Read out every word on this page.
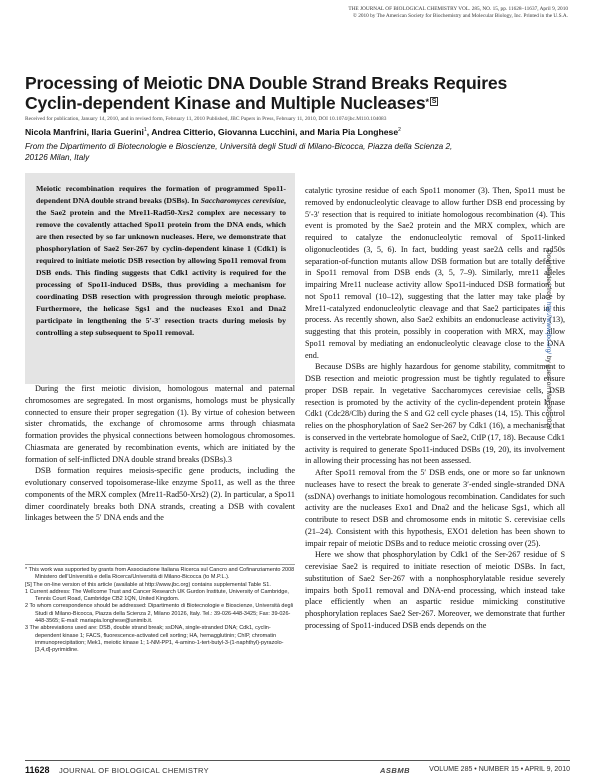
THE JOURNAL OF BIOLOGICAL CHEMISTRY VOL. 285, NO. 15, pp. 11628–11637, April 9, 2010
© 2010 by The American Society for Biochemistry and Molecular Biology, Inc. Printed in the U.S.A.
Processing of Meiotic DNA Double Strand Breaks Requires Cyclin-dependent Kinase and Multiple Nucleases* $^S$
Received for publication, January 14, 2010, and in revised form, February 11, 2010 Published, JBC Papers in Press, February 11, 2010, DOI 10.1074/jbc.M110.104083
Nicola Manfrini, Ilaria Guerini$^1$, Andrea Citterio, Giovanna Lucchini, and Maria Pia Longhese$^2$
From the Dipartimento di Biotecnologie e Bioscienze, Università degli Studi di Milano-Bicocca, Piazza della Scienza 2, 20126 Milan, Italy
Meiotic recombination requires the formation of programmed Spo11-dependent DNA double strand breaks (DSBs). In Saccharomyces cerevisiae, the Sae2 protein and the Mre11-Rad50-Xrs2 complex are necessary to remove the covalently attached Spo11 protein from the DNA ends, which are then resected by so far unknown nucleases. Here, we demonstrate that phosphorylation of Sae2 Ser-267 by cyclin-dependent kinase 1 (Cdk1) is required to initiate meiotic DSB resection by allowing Spo11 removal from DSB ends. This finding suggests that Cdk1 activity is required for the processing of Spo11-induced DSBs, thus providing a mechanism for coordinating DSB resection with progression through meiotic prophase. Furthermore, the helicase Sgs1 and the nucleases Exo1 and Dna2 participate in lengthening the 5′-3′ resection tracts during meiosis by controlling a step subsequent to Spo11 removal.

During the first meiotic division, homologous maternal and paternal chromosomes are segregated. In most organisms, homologs must be physically connected to ensure their proper segregation (1). By virtue of cohesion between sister chromatids, the exchange of chromosome arms through chiasmata formation provides the physical connections between homologous chromosomes. Chiasmata are generated by recombination events, which are initiated by the formation of self-inflicted DNA double strand breaks (DSBs).3

DSB formation requires meiosis-specific gene products, including the evolutionary conserved topoisomerase-like enzyme Spo11, as well as the three components of the MRX complex (Mre11-Rad50-Xrs2) (2). In particular, a Spo11 dimer coordinately breaks both DNA strands, creating a DSB with covalent linkages between the 5′ DNA ends and the

catalytic tyrosine residue of each Spo11 monomer (3). Then, Spo11 must be removed by endonucleolytic cleavage to allow further DSB end processing by 5′-3′ resection that is required to initiate homologous recombination (4). This event is promoted by the Sae2 protein and the MRX complex, which are required to catalyze the endonucleolytic removal of Spo11-linked oligonucleotides (3, 5, 6). In fact, budding yeast sae2Δ cells and rad50s separation-of-function mutants allow DSB formation but are totally defective in Spo11 removal from DSB ends (3, 5, 7–9). Similarly, mre11 alleles impairing Mre11 nuclease activity allow Spo11-induced DSB formation, but not Spo11 removal (10–12), suggesting that the latter may take place by Mre11-catalyzed endonucleolytic cleavage and that Sae2 participates in this process. As recently shown, also Sae2 exhibits an endonuclease activity (13), suggesting that this protein, possibly in cooperation with MRX, may allow Spo11 removal by mediating an endonucleolytic cleavage close to the DNA end.

Because DSBs are highly hazardous for genome stability, commitment to DSB resection and meiotic progression must be tightly regulated to ensure proper DSB repair. In vegetative Saccharomyces cerevisiae cells, DSB resection is promoted by the activity of the cyclin-dependent protein kinase Cdk1 (Cdc28/Clb) during the S and G2 cell cycle phases (14, 15). This control relies on the phosphorylation of Sae2 Ser-267 by Cdk1 (16), a mechanism that is conserved in the vertebrate homologue of Sae2, CtIP (17, 18). Because Cdk1 activity is required to generate Spo11-induced DSBs (19, 20), its involvement in allowing their processing has not been assessed.

After Spo11 removal from the 5′ DSB ends, one or more so far unknown nucleases have to resect the break to generate 3′-ended single-stranded DNA (ssDNA) overhangs to initiate homologous recombination. Candidates for such activity are the nucleases Exo1 and Dna2 and the helicase Sgs1, which all contribute to resect DSB and chromosome ends in mitotic S. cerevisiae cells (21–24). Consistent with this hypothesis, EXO1 deletion has been shown to impair repair of meiotic DSBs and to reduce meiotic crossing over (25).

Here we show that phosphorylation by Cdk1 of the Ser-267 residue of S cerevisiae Sae2 is required to initiate resection of meiotic DSBs. In fact, substitution of Sae2 Ser-267 with a nonphosphorylatable residue severely impairs both Spo11 removal and DNA-end processing, which instead take place efficiently when an aspartic residue mimicking constitutive phosphorylation replaces Sae2 Ser-267. Moreover, we demonstrate that further processing of Spo11-induced DSB ends depends on the

* This work was supported by grants from Associazione Italiana Ricerca sul Cancro and Cofinanziamento 2008 Ministero dell'Università e della Ricerca/Università di Milano-Bicocca (to M.P.L.).
[S] The on-line version of this article (available at http://www.jbc.org) contains supplemental Table S1.
1 Current address: The Wellcome Trust and Cancer Research UK Gurdon Institute, University of Cambridge, Tennis Court Road, Cambridge CB2 1QN, United Kingdom.
2 To whom correspondence should be addressed: Dipartimento di Biotecnologie e Bioscienze, Università degli Studi di Milano-Bicocca, Piazza della Scienza 2, Milano 20126, Italy. Tel.: 39-026-448-3425; Fax: 39-026-448-3565; E-mail: mariapia.longhese@unimib.it.
3 The abbreviations used are: DSB, double strand break; ssDNA, single-stranded DNA; Cdk1, cyclin-dependent kinase 1; FACS, fluorescence-activated cell sorting; HA, hemagglutinin; ChIP, chromatin immunoprecipitation; Mek1, meiotic kinase 1; 1-NM-PP1, 4-amino-1-tert-butyl-3-(1-naphthyl)-pyrazolo-[3,4,d]-pyrimidine.
Downloaded from http://www.jbc.org/ by guest on May 30, 2020
11628 JOURNAL OF BIOLOGICAL CHEMISTRY	ASBMB	VOLUME 285 • NUMBER 15 • APRIL 9, 2010
